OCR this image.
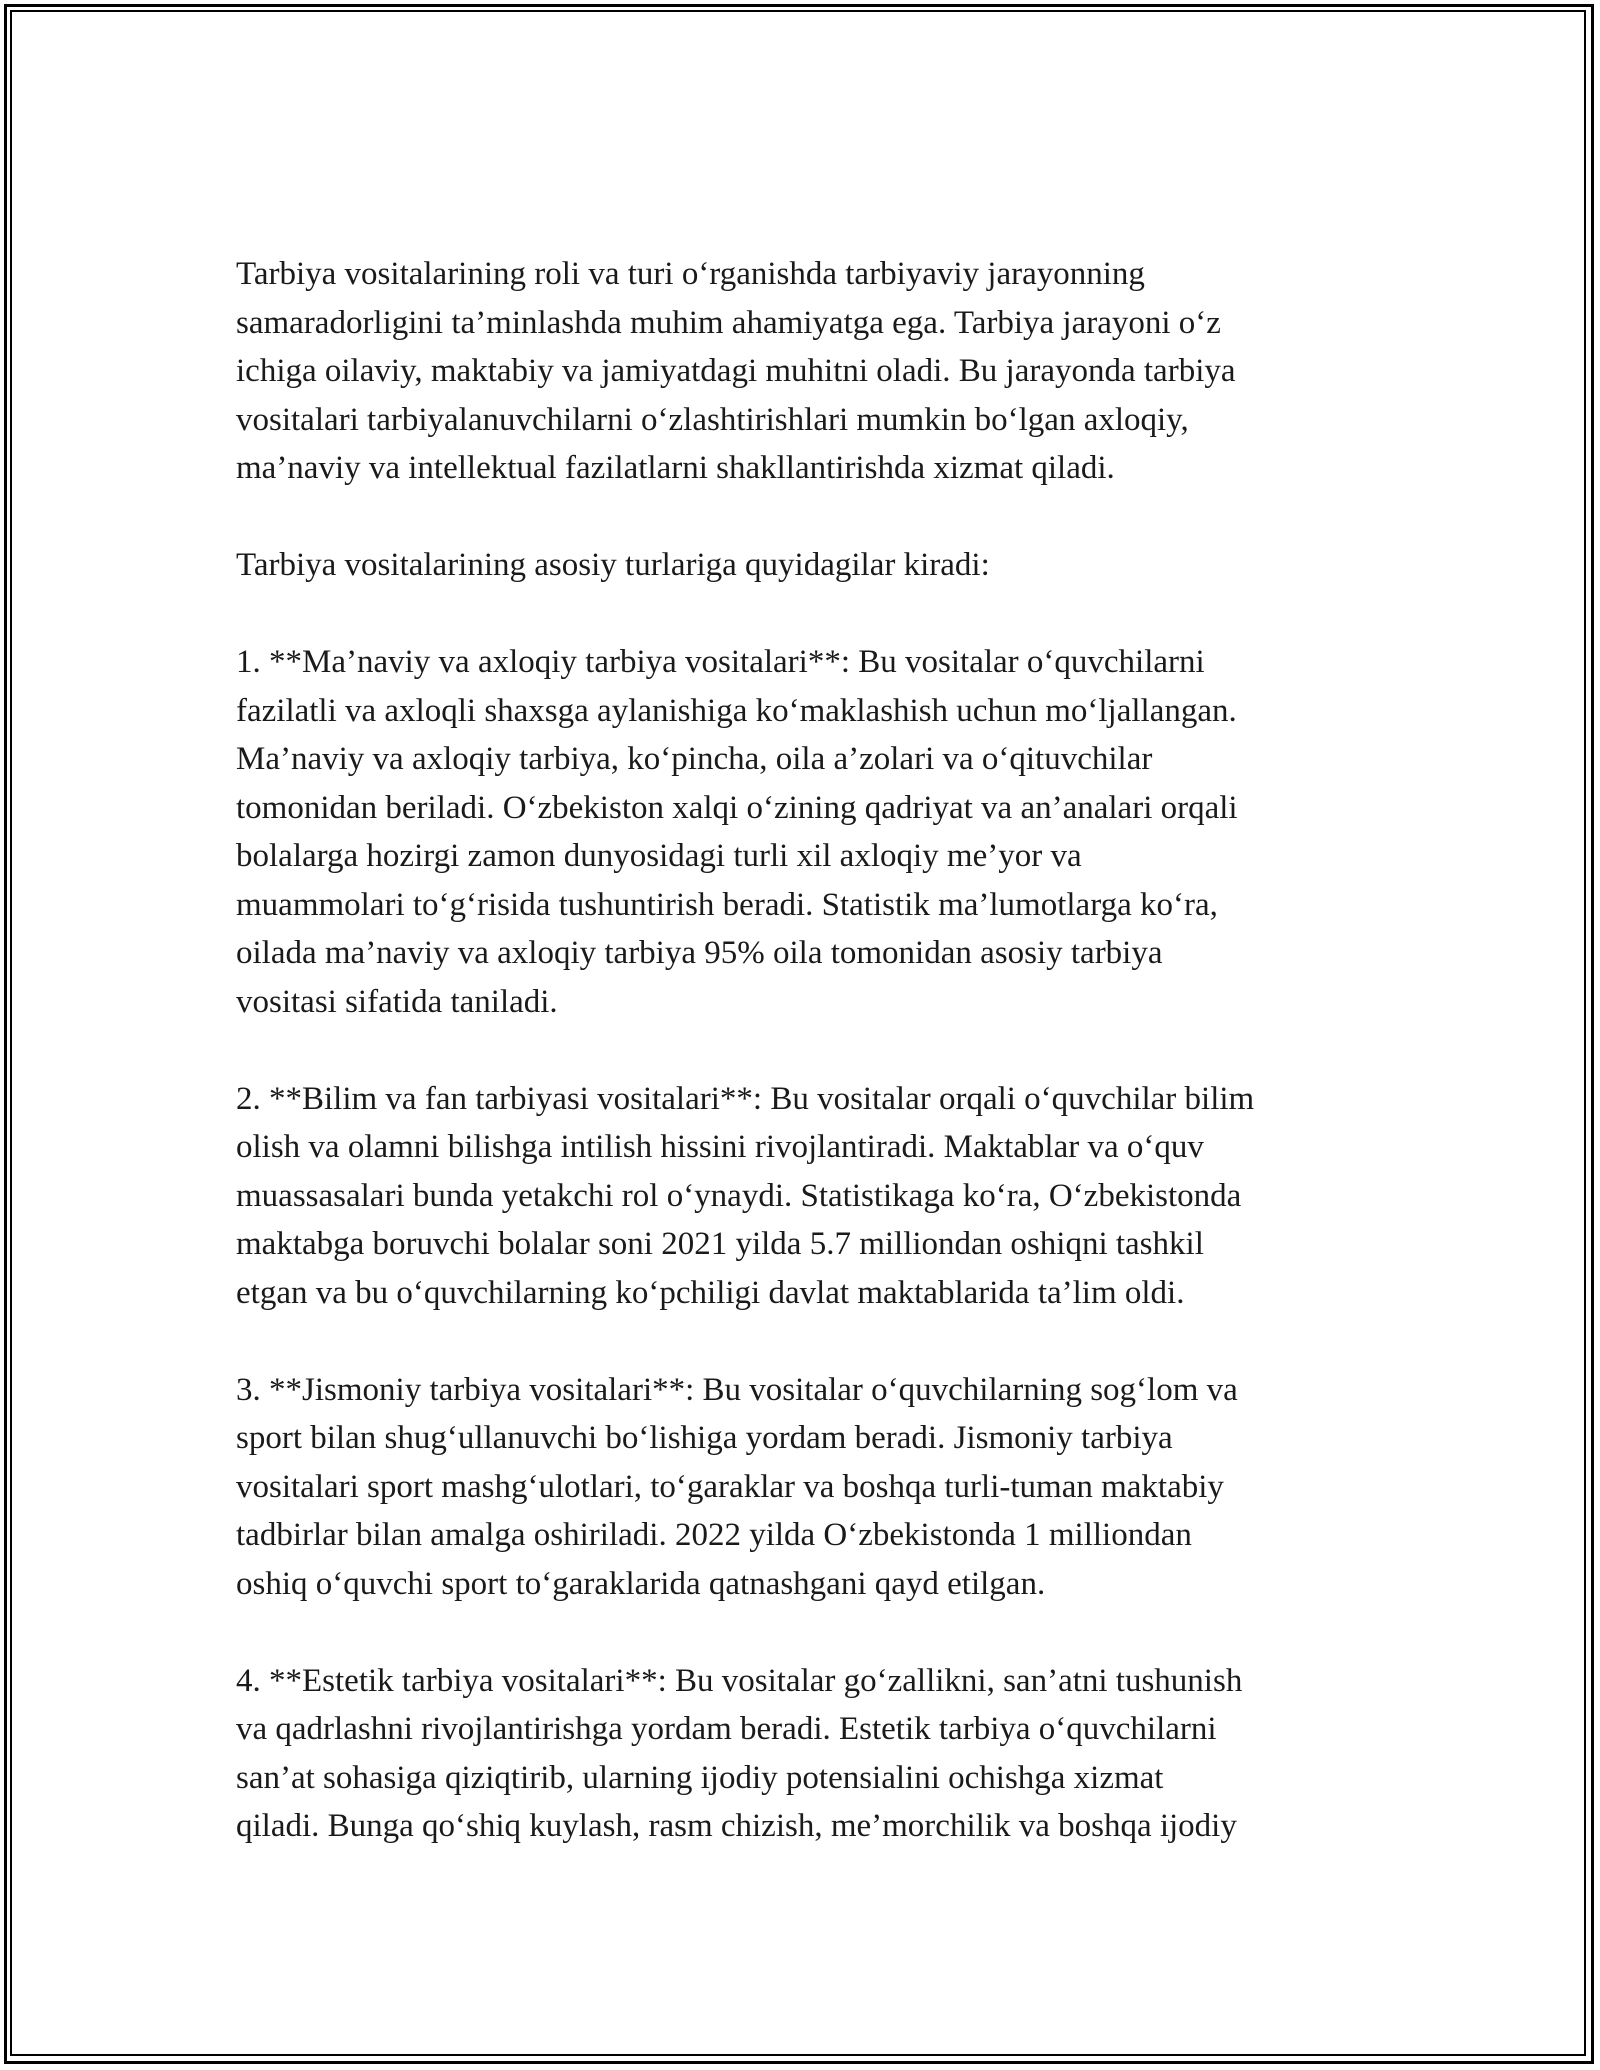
Tarbiya vositalarining roli va turi o‘rganishda tarbiyaviy jarayonning
samaradorligini ta’minlashda muhim ahamiyatga ega. Tarbiya jarayoni o‘z
ichiga oilaviy, maktabiy va jamiyatdagi muhitni oladi. Bu jarayonda tarbiya
vositalari tarbiyalanuvchilarni o‘zlashtirishlari mumkin bo‘lgan axloqiy,
ma’naviy va intellektual fazilatlarni shakllantirishda xizmat qiladi.

Tarbiya vositalarining asosiy turlariga quyidagilar kiradi:

1. **Ma’naviy va axloqiy tarbiya vositalari**: Bu vositalar o‘quvchilarni
fazilatli va axloqli shaxsga aylanishiga ko‘maklashish uchun mo‘ljallangan.
Ma’naviy va axloqiy tarbiya, ko‘pincha, oila a’zolari va o‘qituvchilar
tomonidan beriladi. O‘zbekiston xalqi o‘zining qadriyat va an’analari orqali
bolalarga hozirgi zamon dunyosidagi turli xil axloqiy me’yor va
muammolari to‘g‘risida tushuntirish beradi. Statistik ma’lumotlarga ko‘ra,
oilada ma’naviy va axloqiy tarbiya 95% oila tomonidan asosiy tarbiya
vositasi sifatida taniladi.

2. **Bilim va fan tarbiyasi vositalari**: Bu vositalar orqali o‘quvchilar bilim
olish va olamni bilishga intilish hissini rivojlantiradi. Maktablar va o‘quv
muassasalari bunda yetakchi rol o‘ynaydi. Statistikaga ko‘ra, O‘zbekistonda
maktabga boruvchi bolalar soni 2021 yilda 5.7 milliondan oshiqni tashkil
etgan va bu o‘quvchilarning ko‘pchiligi davlat maktablarida ta’lim oldi.

3. **Jismoniy tarbiya vositalari**: Bu vositalar o‘quvchilarning sog‘lom va
sport bilan shug‘ullanuvchi bo‘lishiga yordam beradi. Jismoniy tarbiya
vositalari sport mashg‘ulotlari, to‘garaklar va boshqa turli-tuman maktabiy
tadbirlar bilan amalga oshiriladi. 2022 yilda O‘zbekistonda 1 milliondan
oshiq o‘quvchi sport to‘garaklarida qatnashgani qayd etilgan.

4. **Estetik tarbiya vositalari**: Bu vositalar go‘zallikni, san’atni tushunish
va qadrlashni rivojlantirishga yordam beradi. Estetik tarbiya o‘quvchilarni
san’at sohasiga qiziqtirib, ularning ijodiy potensialini ochishga xizmat
qiladi. Bunga qo‘shiq kuylash, rasm chizish, me’morchilik va boshqa ijodiy
